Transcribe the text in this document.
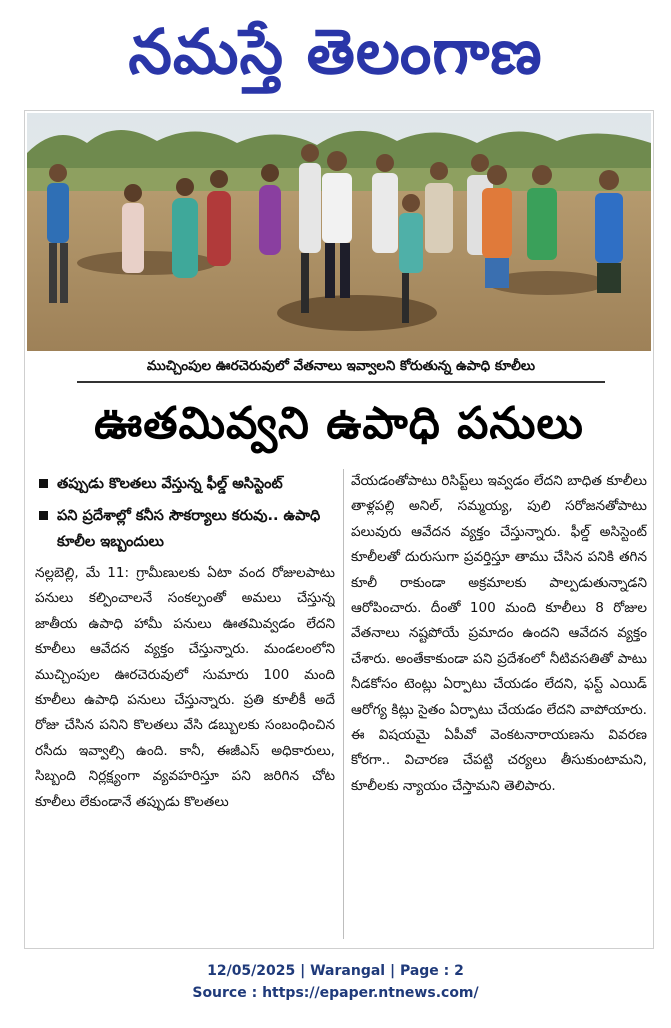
నమస్తే తెలంగాణ
ముచ్చింపుల ఊరచెరువులో వేతనాలు ఇవ్వాలని కోరుతున్న ఉపాధి కూలీలు
ఊతమివ్వని ఉపాధి పనులు
తప్పుడు కొలతలు వేస్తున్న ఫీల్డ్ అసిస్టెంట్
పని ప్రదేశాల్లో కనీస సౌకర్యాలు కరువు.. ఉపాధి కూలీల ఇబ్బందులు

నల్లబెల్లి, మే 11: గ్రామీణులకు ఏటా వంద రోజులపాటు పనులు కల్పించాలనే సంకల్పంతో అమలు చేస్తున్న జాతీయ ఉపాధి హామీ పనులు ఊతమివ్వడం లేదని కూలీలు ఆవేదన వ్యక్తం చేస్తున్నారు. మండలంలోని ముచ్చింపుల ఊరచెరువులో సుమారు 100 మంది కూలీలు ఉపాధి పనులు చేస్తున్నారు. ప్రతి కూలీకీ అదే రోజు చేసిన పనిని కొలతలు వేసి డబ్బులకు సంబంధించిన రసీదు ఇవ్వాల్సి ఉంది. కానీ, ఈజీఎస్ అధికారులు, సిబ్బంది నిర్లక్ష్యంగా వ్యవహరిస్తూ పని జరిగిన చోట కూలీలు లేకుండానే తప్పుడు కొలతలు

వేయడంతోపాటు రిసిప్ట్‌లు ఇవ్వడం లేదని బాధిత కూలీలు తాళ్లపల్లి అనిల్, సమ్మయ్య, పులి సరోజనతోపాటు పలువురు ఆవేదన వ్యక్తం చేస్తున్నారు. ఫీల్డ్ అసిస్టెంట్ కూలీలతో దురుసుగా ప్రవర్తిస్తూ తాము చేసిన పనికి తగిన కూలీ రాకుండా అక్రమాలకు పాల్పడుతున్నాడని ఆరోపించారు. దీంతో 100 మంది కూలీలు 8 రోజుల వేతనాలు నష్టపోయే ప్రమాదం ఉందని ఆవేదన వ్యక్తం చేశారు. అంతేకాకుండా పని ప్రదేశంలో నీటివసతితో పాటు నీడకోసం టెంట్లు ఏర్పాటు చేయడం లేదని, ఫస్ట్ ఎయిడ్ ఆరోగ్య కిట్లు సైతం ఏర్పాటు చేయడం లేదని వాపోయారు. ఈ విషయమై ఏపీవో వెంకటనారాయణను వివరణ కోరగా.. విచారణ చేపట్టి చర్యలు తీసుకుంటామని, కూలీలకు న్యాయం చేస్తామని తెలిపారు.

12/05/2025 | Warangal | Page : 2
Source : https://epaper.ntnews.com/
